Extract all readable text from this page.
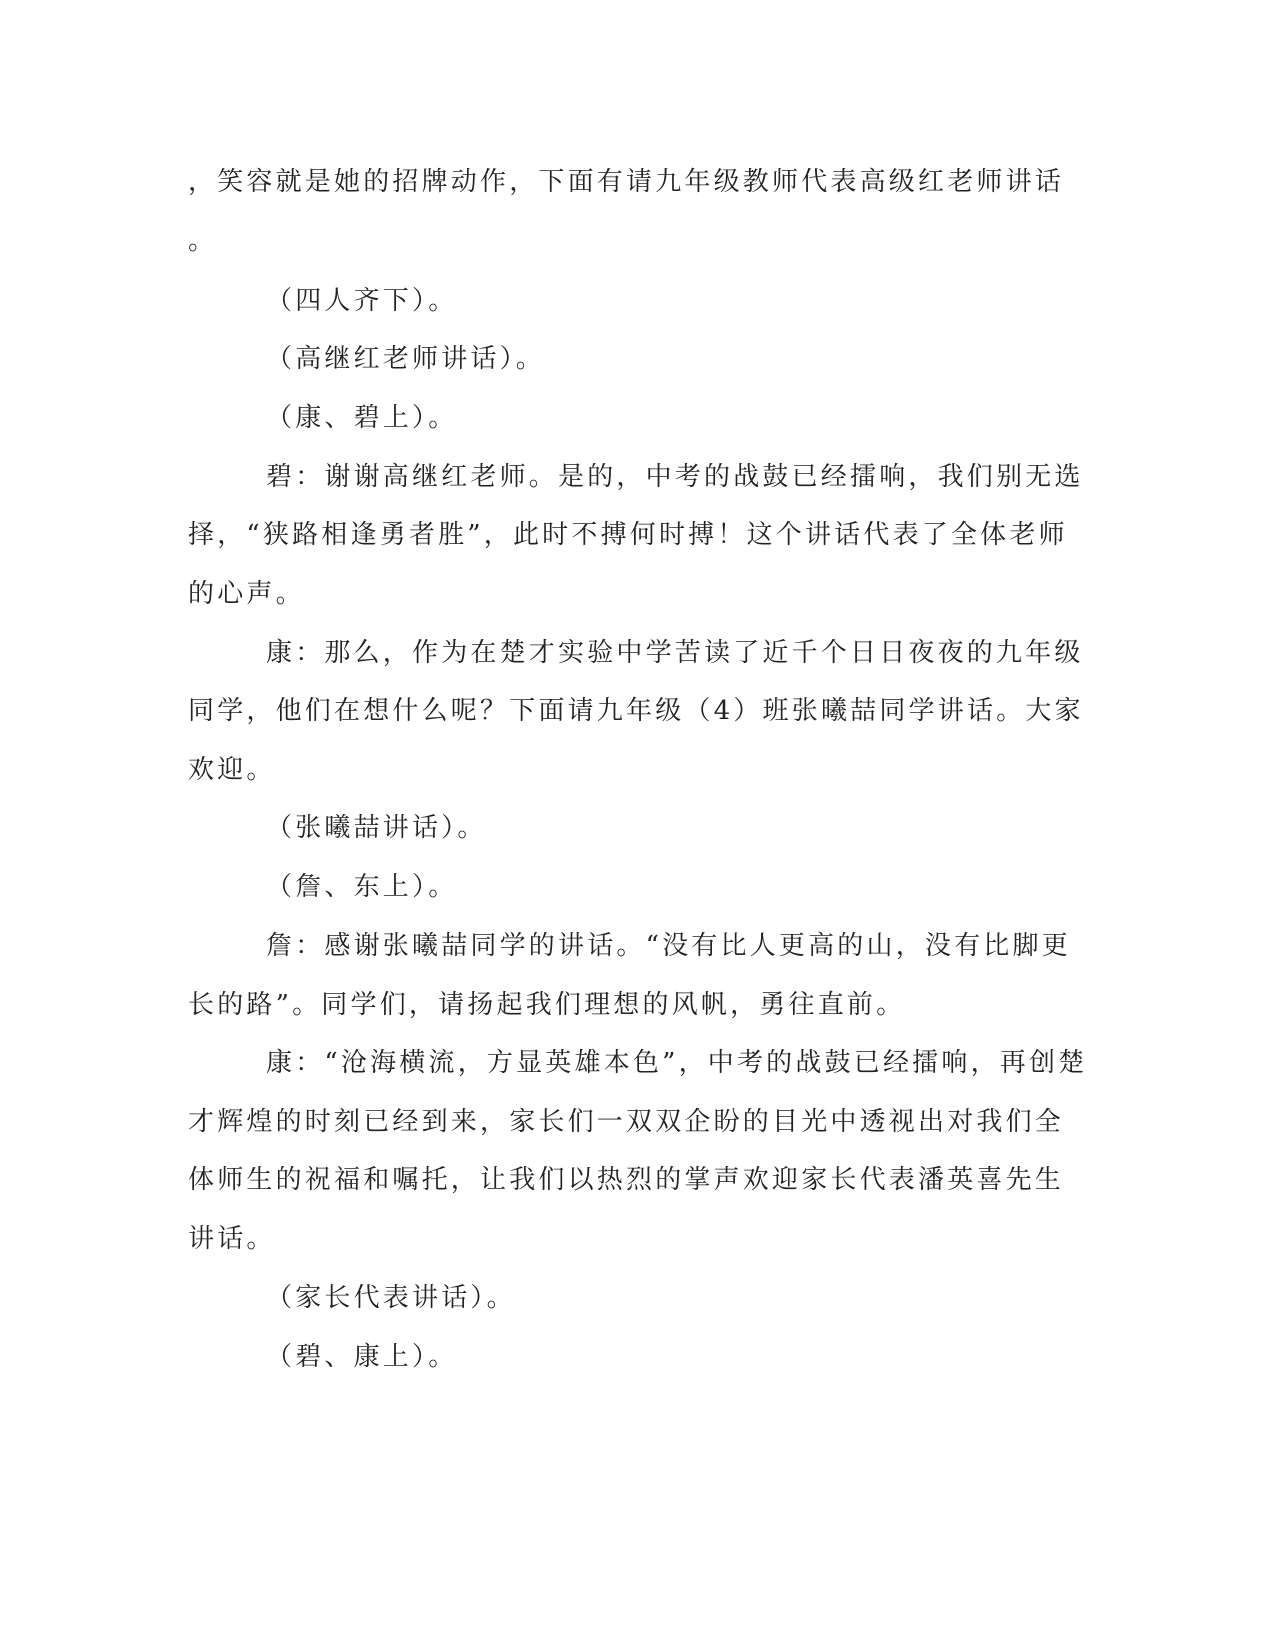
，笑容就是她的招牌动作，下面有请九年级教师代表高级红老师讲话
。
（四人齐下）。
（高继红老师讲话）。
（康、碧上）。
碧：谢谢高继红老师。是的，中考的战鼓已经擂响，我们别无选
择，“狭路相逢勇者胜”，此时不搏何时搏！这个讲话代表了全体老师
的心声。
康：那么，作为在楚才实验中学苦读了近千个日日夜夜的九年级
同学，他们在想什么呢？下面请九年级（4）班张曦喆同学讲话。大家
欢迎。
（张曦喆讲话）。
（詹、东上）。
詹：感谢张曦喆同学的讲话。“没有比人更高的山，没有比脚更
长的路”。同学们，请扬起我们理想的风帆，勇往直前。
康：“沧海横流，方显英雄本色”，中考的战鼓已经擂响，再创楚
才辉煌的时刻已经到来，家长们一双双企盼的目光中透视出对我们全
体师生的祝福和嘱托，让我们以热烈的掌声欢迎家长代表潘英喜先生
讲话。
（家长代表讲话）。
（碧、康上）。
